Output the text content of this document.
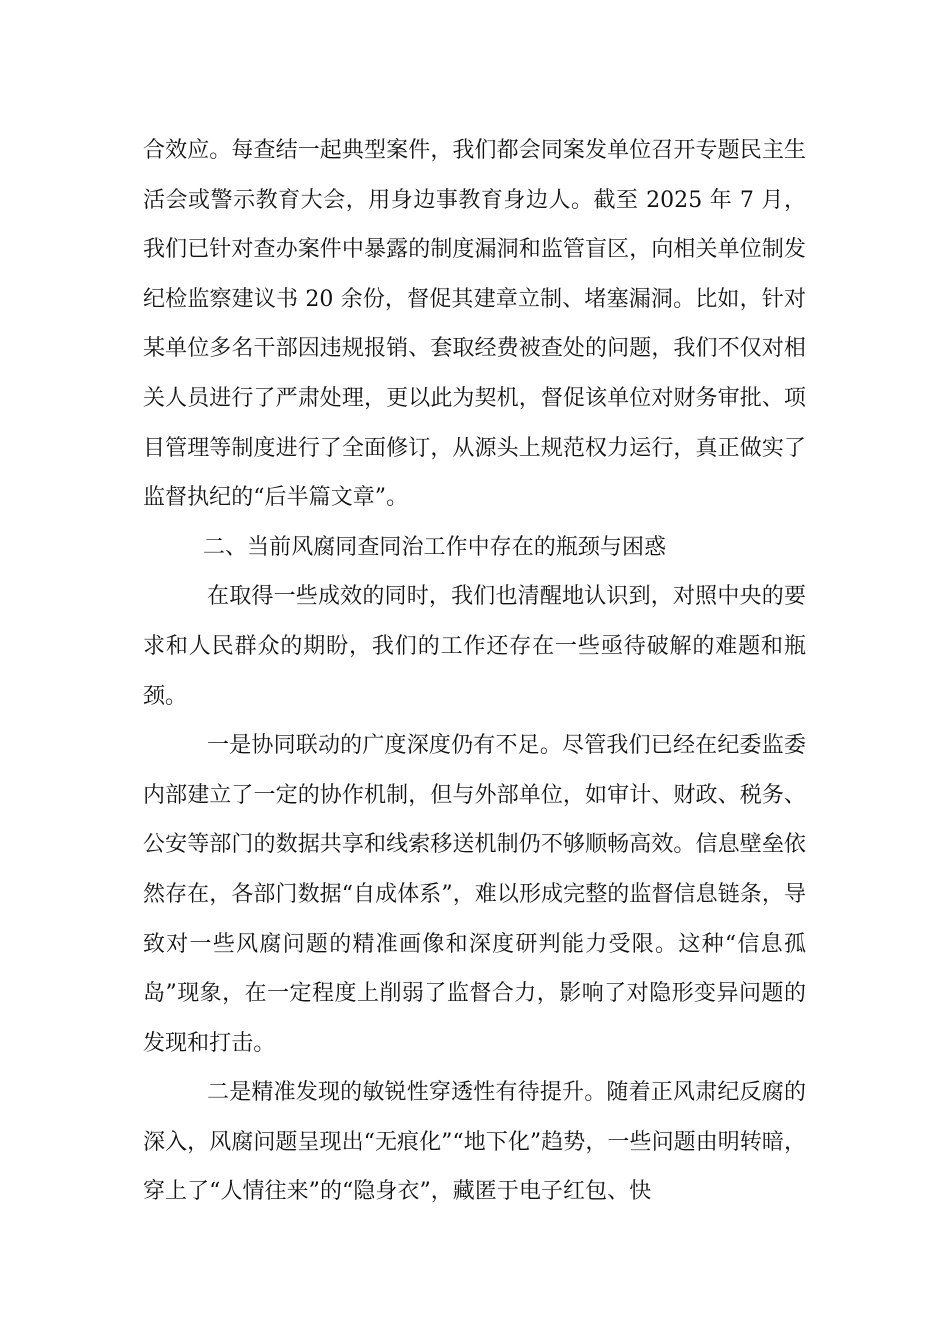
合效应。每查结一起典型案件，我们都会同案发单位召开专题民主生活会或警示教育大会，用身边事教育身边人。截至 2025 年 7 月，我们已针对查办案件中暴露的制度漏洞和监管盲区，向相关单位制发纪检监察建议书 20 余份，督促其建章立制、堵塞漏洞。比如，针对某单位多名干部因违规报销、套取经费被查处的问题，我们不仅对相关人员进行了严肃处理，更以此为契机，督促该单位对财务审批、项目管理等制度进行了全面修订，从源头上规范权力运行，真正做实了监督执纪的“后半篇文章”。

二、当前风腐同查同治工作中存在的瓶颈与困惑

在取得一些成效的同时，我们也清醒地认识到，对照中央的要求和人民群众的期盼，我们的工作还存在一些亟待破解的难题和瓶颈。

一是协同联动的广度深度仍有不足。尽管我们已经在纪委监委内部建立了一定的协作机制，但与外部单位，如审计、财政、税务、公安等部门的数据共享和线索移送机制仍不够顺畅高效。信息壁垒依然存在，各部门数据“自成体系”，难以形成完整的监督信息链条，导致对一些风腐问题的精准画像和深度研判能力受限。这种“信息孤岛”现象，在一定程度上削弱了监督合力，影响了对隐形变异问题的发现和打击。

二是精准发现的敏锐性穿透性有待提升。随着正风肃纪反腐的深入，风腐问题呈现出“无痕化”“地下化”趋势，一些问题由明转暗，穿上了“人情往来”的“隐身衣”，藏匿于电子红包、快
